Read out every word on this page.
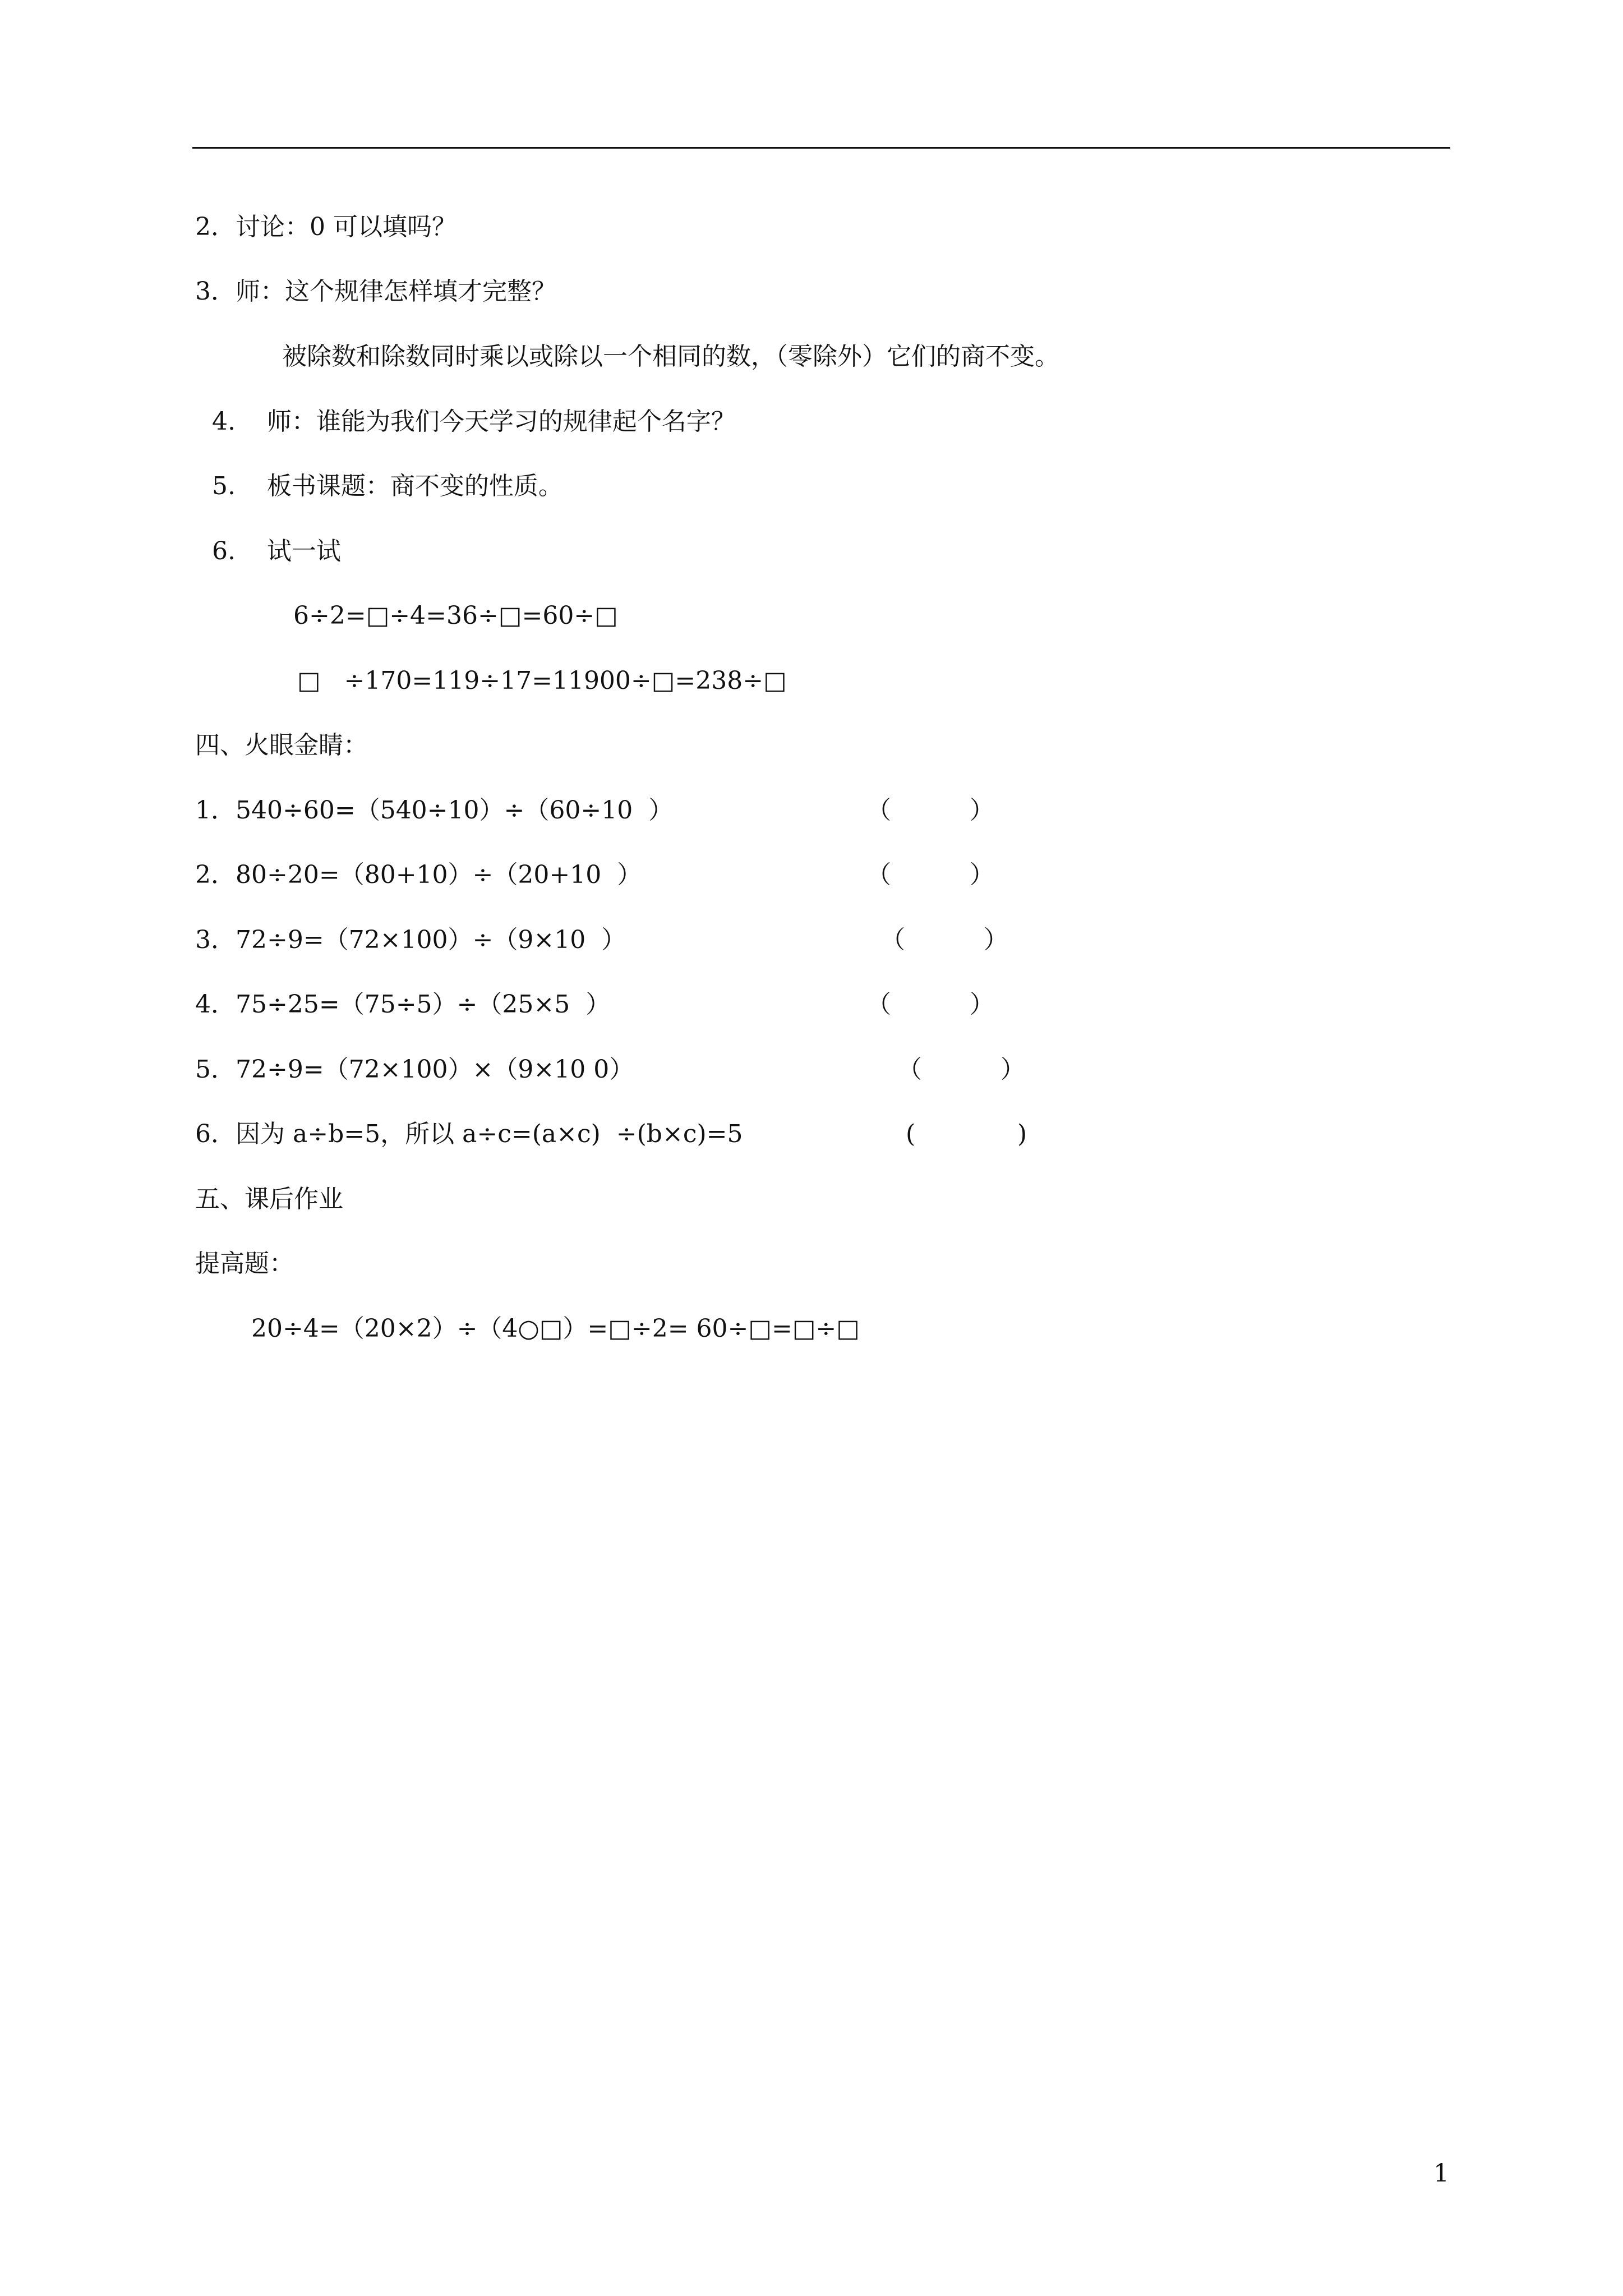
2．讨论：0 可以填吗？
3．师：这个规律怎样填才完整？
被除数和除数同时乘以或除以一个相同的数，（零除外）它们的商不变。
4.    师：谁能为我们今天学习的规律起个名字？
5.    板书课题：商不变的性质。
6.    试一试
6÷2=□÷4=36÷□=60÷□
□   ÷170=119÷17=11900÷□=238÷□
四、火眼金睛：
1．540÷60=（540÷10）÷（60÷10  ）	（          ）
2．80÷20=（80+10）÷（20+10  ）	（          ）
3．72÷9=（72×100）÷（9×10  ）	（          ）
4．75÷25=（75÷5）÷（25×5  ）	（          ）
5．72÷9=（72×100）×（9×10 0）	（          ）
6．因为 a÷b=5，所以 a÷c=(a×c)  ÷(b×c)=5	(             )
五、课后作业
提高题：
20÷4=（20×2）÷（4○□）=□÷2= 60÷□=□÷□
1
